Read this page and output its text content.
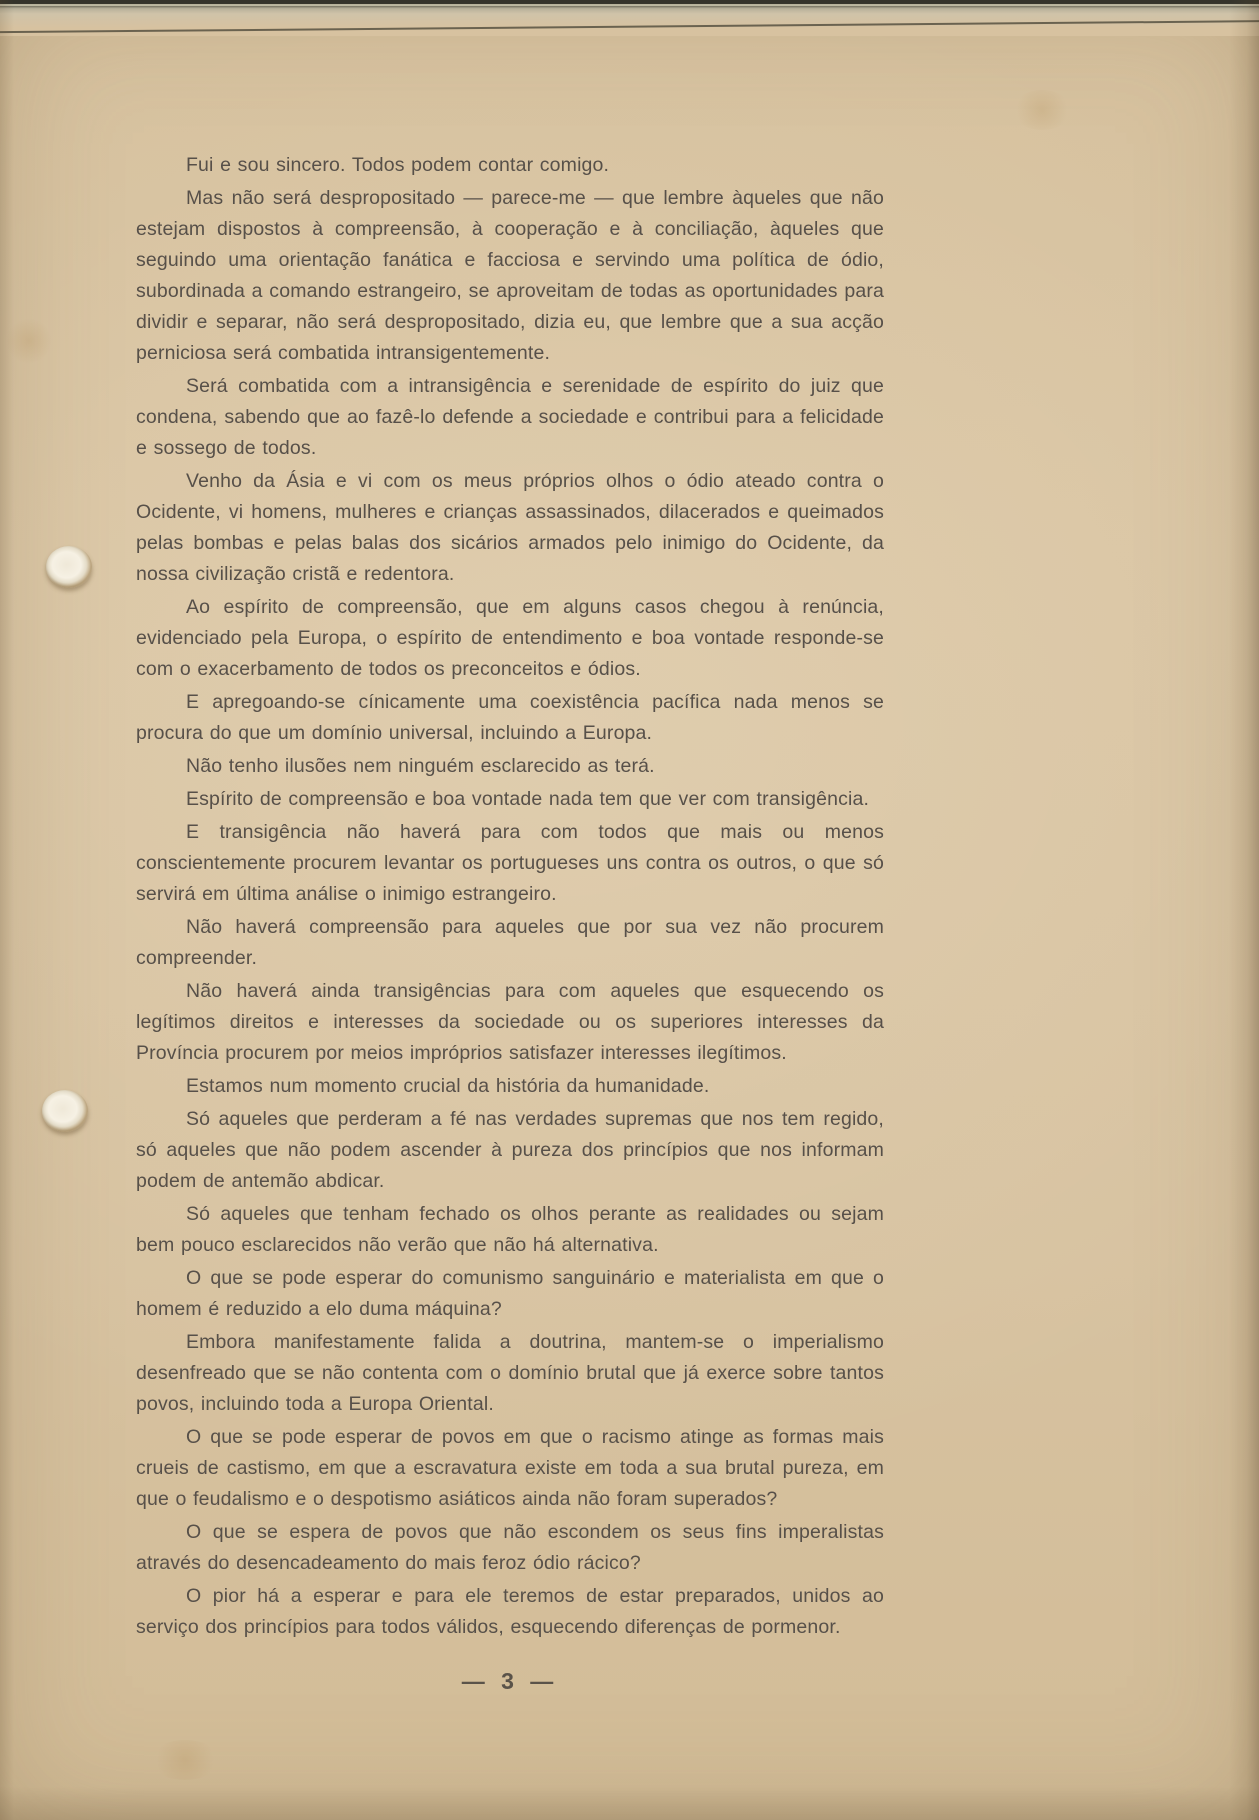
Fui e sou sincero. Todos podem contar comigo.

Mas não será despropositado — parece-me — que lembre àqueles que não estejam dispostos à compreensão, à cooperação e à conciliação, àqueles que seguindo uma orientação fanática e facciosa e servindo uma política de ódio, subordinada a comando estrangeiro, se aproveitam de todas as oportunidades para dividir e separar, não será despropositado, dizia eu, que lembre que a sua acção perniciosa será combatida intransigentemente.

Será combatida com a intransigência e serenidade de espírito do juiz que condena, sabendo que ao fazê-lo defende a sociedade e contribui para a felicidade e sossego de todos.

Venho da Ásia e vi com os meus próprios olhos o ódio ateado contra o Ocidente, vi homens, mulheres e crianças assassinados, dilacerados e queimados pelas bombas e pelas balas dos sicários armados pelo inimigo do Ocidente, da nossa civilização cristã e redentora.

Ao espírito de compreensão, que em alguns casos chegou à renúncia, evidenciado pela Europa, o espírito de entendimento e boa vontade responde-se com o exacerbamento de todos os preconceitos e ódios.

E apregoando-se cínicamente uma coexistência pacífica nada menos se procura do que um domínio universal, incluindo a Europa.

Não tenho ilusões nem ninguém esclarecido as terá.

Espírito de compreensão e boa vontade nada tem que ver com transigência.

E transigência não haverá para com todos que mais ou menos conscientemente procurem levantar os portugueses uns contra os outros, o que só servirá em última análise o inimigo estrangeiro.

Não haverá compreensão para aqueles que por sua vez não procurem compreender.

Não haverá ainda transigências para com aqueles que esquecendo os legítimos direitos e interesses da sociedade ou os superiores interesses da Província procurem por meios impróprios satisfazer interesses ilegítimos.

Estamos num momento crucial da história da humanidade.

Só aqueles que perderam a fé nas verdades supremas que nos tem regido, só aqueles que não podem ascender à pureza dos princípios que nos informam podem de antemão abdicar.

Só aqueles que tenham fechado os olhos perante as realidades ou sejam bem pouco esclarecidos não verão que não há alternativa.

O que se pode esperar do comunismo sanguinário e materialista em que o homem é reduzido a elo duma máquina?

Embora manifestamente falida a doutrina, mantem-se o imperialismo desenfreado que se não contenta com o domínio brutal que já exerce sobre tantos povos, incluindo toda a Europa Oriental.

O que se pode esperar de povos em que o racismo atinge as formas mais crueis de castismo, em que a escravatura existe em toda a sua brutal pureza, em que o feudalismo e o despotismo asiáticos ainda não foram superados?

O que se espera de povos que não escondem os seus fins imperalistas através do desencadeamento do mais feroz ódio rácico?

O pior há a esperar e para ele teremos de estar preparados, unidos ao serviço dos princípios para todos válidos, esquecendo diferenças de pormenor.

— 3 —
